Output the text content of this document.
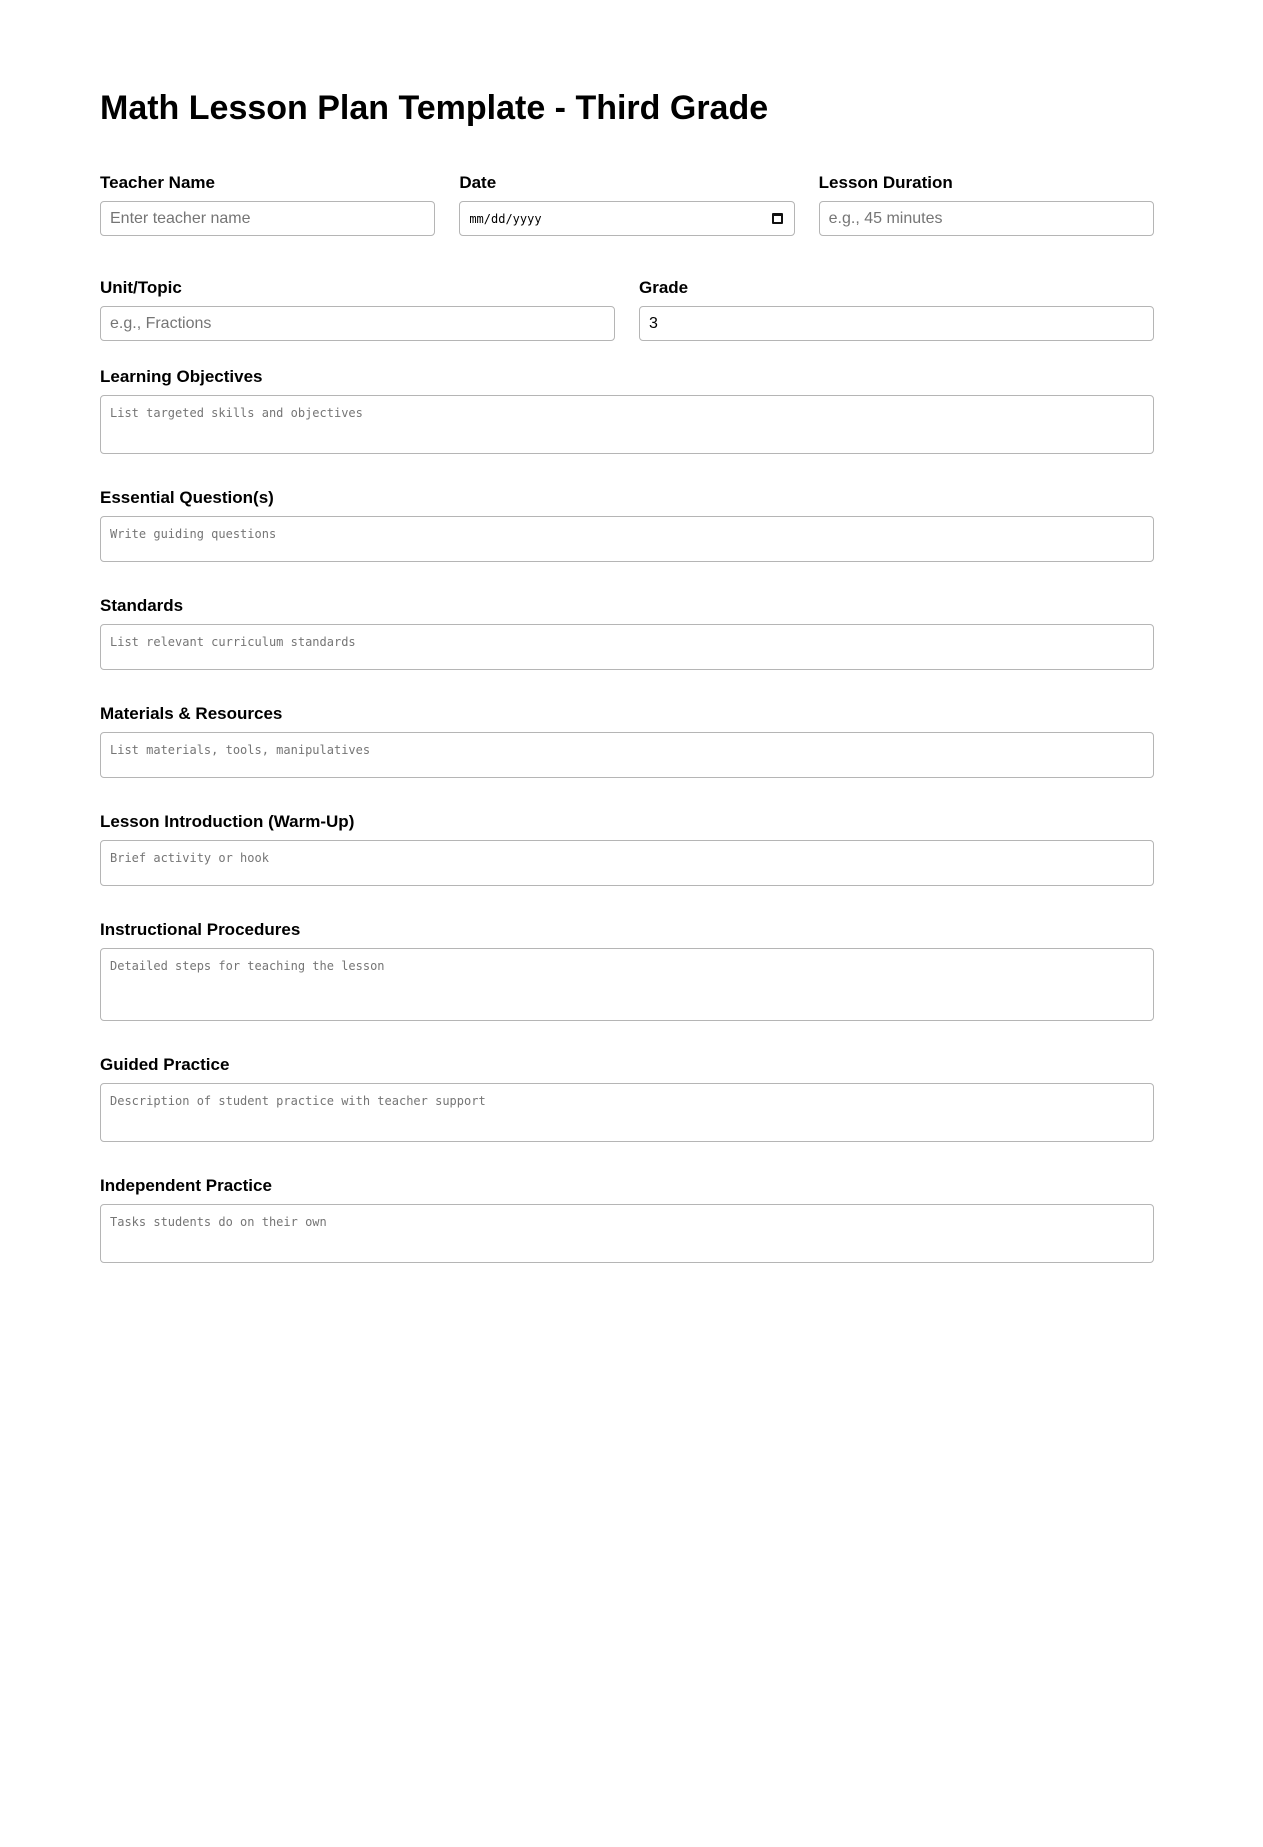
Math Lesson Plan Template - Third Grade
Teacher Name
Enter teacher name	Date
mm/dd/yyyy
Lesson Duration
e.g., 45 minutes
Unit/Topic
e.g., Fractions	Grade
3
Learning Objectives
List targeted skills and objectives
Essential Question(s)
Write guiding questions
Standards
List relevant curriculum standards
Materials & Resources
List materials, tools, manipulatives
Lesson Introduction (Warm-Up)
Brief activity or hook
Instructional Procedures
Detailed steps for teaching the lesson
Guided Practice
Description of student practice with teacher support
Independent Practice
Tasks students do on their own
